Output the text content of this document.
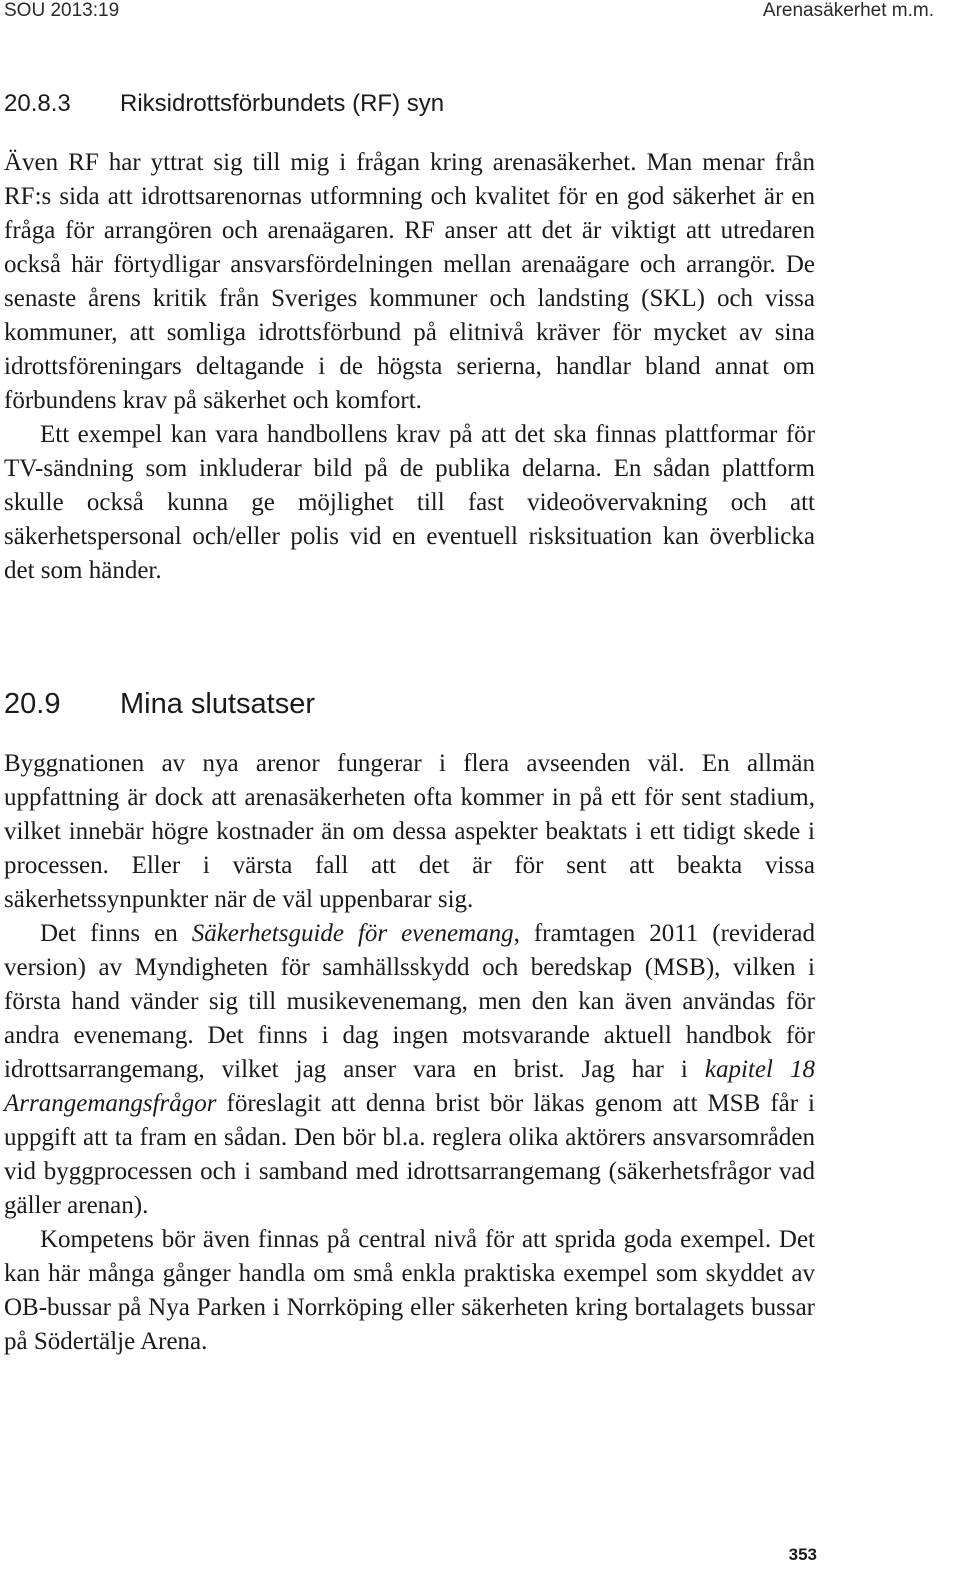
SOU 2013:19	Arenasäkerhet m.m.
20.8.3 Riksidrottsförbundets (RF) syn

Även RF har yttrat sig till mig i frågan kring arenasäkerhet. Man menar från RF:s sida att idrottsarenornas utformning och kvalitet för en god säkerhet är en fråga för arrangören och arenaägaren. RF anser att det är viktigt att utredaren också här förtydligar ansvarsfördelningen mellan arenaägare och arrangör. De senaste årens kritik från Sveriges kommuner och landsting (SKL) och vissa kommuner, att somliga idrottsförbund på elitnivå kräver för mycket av sina idrottsföreningars deltagande i de högsta serierna, handlar bland annat om förbundens krav på säkerhet och komfort.

Ett exempel kan vara handbollens krav på att det ska finnas plattformar för TV-sändning som inkluderar bild på de publika delarna. En sådan plattform skulle också kunna ge möjlighet till fast videoövervakning och att säkerhetspersonal och/eller polis vid en eventuell risksituation kan överblicka det som händer.

20.9 Mina slutsatser

Byggnationen av nya arenor fungerar i flera avseenden väl. En allmän uppfattning är dock att arenasäkerheten ofta kommer in på ett för sent stadium, vilket innebär högre kostnader än om dessa aspekter beaktats i ett tidigt skede i processen. Eller i värsta fall att det är för sent att beakta vissa säkerhetssynpunkter när de väl uppenbarar sig.

Det finns en Säkerhetsguide för evenemang, framtagen 2011 (reviderad version) av Myndigheten för samhällsskydd och beredskap (MSB), vilken i första hand vänder sig till musikevenemang, men den kan även användas för andra evenemang. Det finns i dag ingen motsvarande aktuell handbok för idrottsarrangemang, vilket jag anser vara en brist. Jag har i kapitel 18 Arrangemangsfrågor föreslagit att denna brist bör läkas genom att MSB får i uppgift att ta fram en sådan. Den bör bl.a. reglera olika aktörers ansvarsområden vid byggprocessen och i samband med idrottsarrangemang (säkerhetsfrågor vad gäller arenan).

Kompetens bör även finnas på central nivå för att sprida goda exempel. Det kan här många gånger handla om små enkla praktiska exempel som skyddet av OB-bussar på Nya Parken i Norrköping eller säkerheten kring bortalagets bussar på Södertälje Arena.

353
